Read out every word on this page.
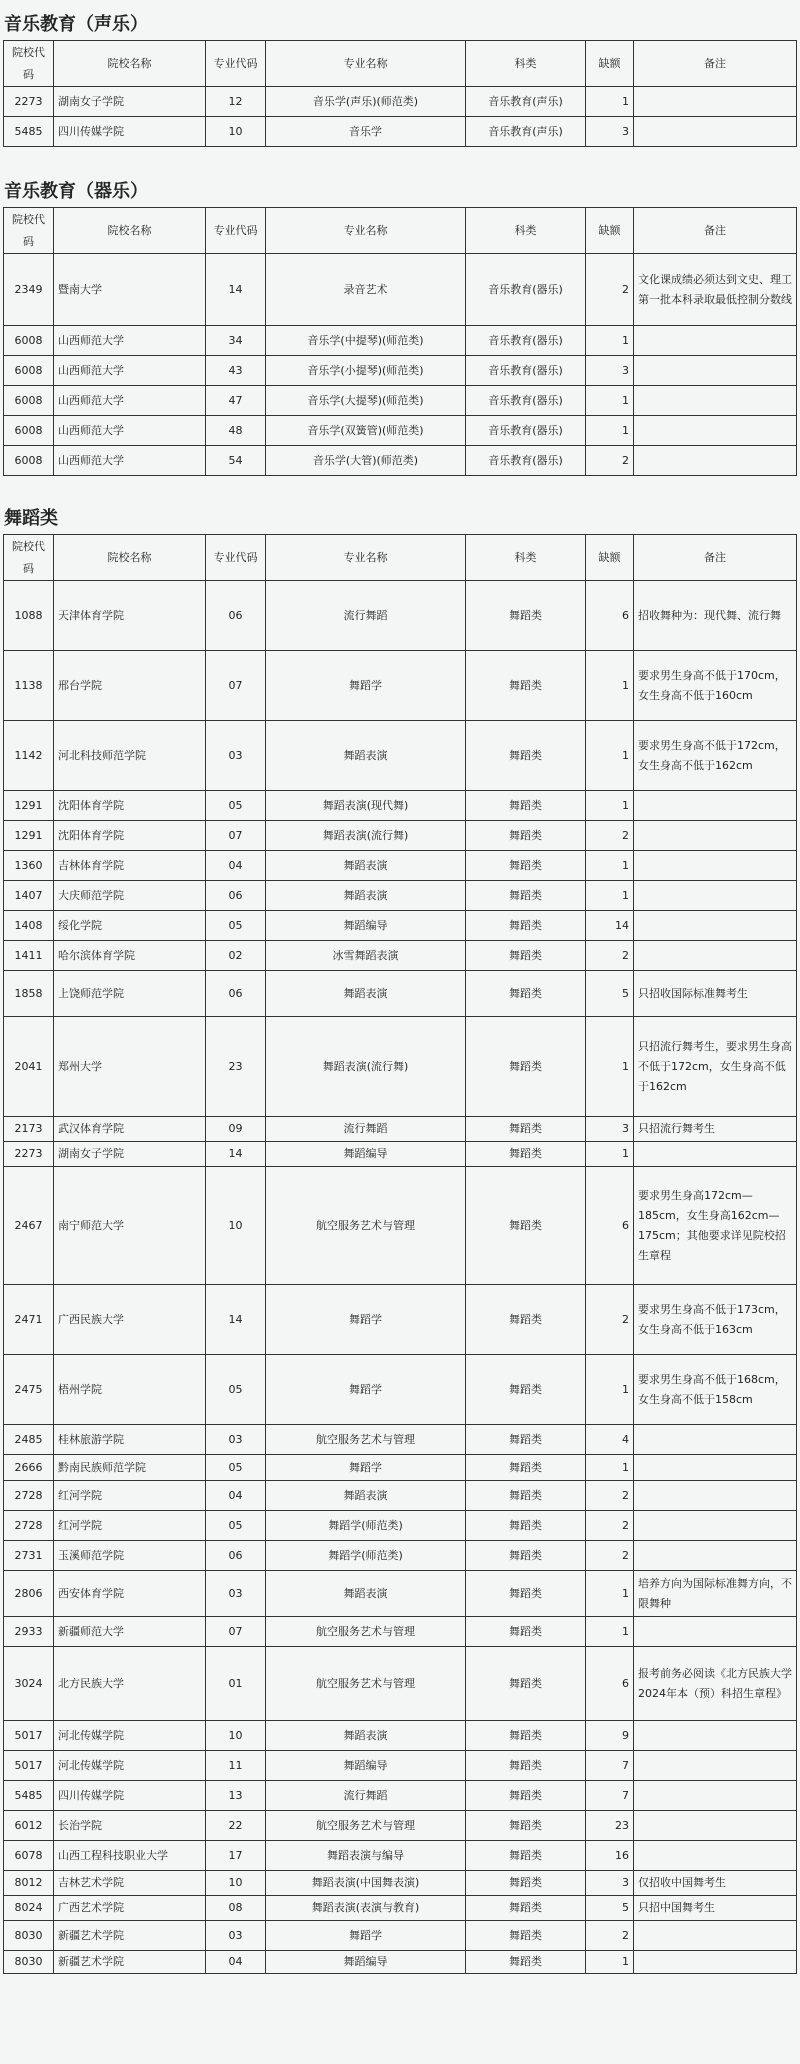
音乐教育（声乐）
院校代码	院校名称	专业代码	专业名称	科类	缺额	备注
2273	湖南女子学院	12	音乐学(声乐)(师范类)	音乐教育(声乐)	1	
5485	四川传媒学院	10	音乐学	音乐教育(声乐)	3	
音乐教育（器乐）
院校代码	院校名称	专业代码	专业名称	科类	缺额	备注
2349	暨南大学	14	录音艺术	音乐教育(器乐)	2	文化课成绩必须达到文史、理工第一批本科录取最低控制分数线
6008	山西师范大学	34	音乐学(中提琴)(师范类)	音乐教育(器乐)	1	
6008	山西师范大学	43	音乐学(小提琴)(师范类)	音乐教育(器乐)	3	
6008	山西师范大学	47	音乐学(大提琴)(师范类)	音乐教育(器乐)	1	
6008	山西师范大学	48	音乐学(双簧管)(师范类)	音乐教育(器乐)	1	
6008	山西师范大学	54	音乐学(大管)(师范类)	音乐教育(器乐)	2	
舞蹈类
院校代码	院校名称	专业代码	专业名称	科类	缺额	备注
1088	天津体育学院	06	流行舞蹈	舞蹈类	6	招收舞种为：现代舞、流行舞
1138	邢台学院	07	舞蹈学	舞蹈类	1	要求男生身高不低于170cm，女生身高不低于160cm
1142	河北科技师范学院	03	舞蹈表演	舞蹈类	1	要求男生身高不低于172cm，女生身高不低于162cm
1291	沈阳体育学院	05	舞蹈表演(现代舞)	舞蹈类	1	
1291	沈阳体育学院	07	舞蹈表演(流行舞)	舞蹈类	2	
1360	吉林体育学院	04	舞蹈表演	舞蹈类	1	
1407	大庆师范学院	06	舞蹈表演	舞蹈类	1	
1408	绥化学院	05	舞蹈编导	舞蹈类	14	
1411	哈尔滨体育学院	02	冰雪舞蹈表演	舞蹈类	2	
1858	上饶师范学院	06	舞蹈表演	舞蹈类	5	只招收国际标准舞考生
2041	郑州大学	23	舞蹈表演(流行舞)	舞蹈类	1	只招流行舞考生，要求男生身高不低于172cm，女生身高不低于162cm
2173	武汉体育学院	09	流行舞蹈	舞蹈类	3	只招流行舞考生
2273	湖南女子学院	14	舞蹈编导	舞蹈类	1	
2467	南宁师范大学	10	航空服务艺术与管理	舞蹈类	6	要求男生身高172cm—185cm，女生身高162cm—175cm；其他要求详见院校招生章程
2471	广西民族大学	14	舞蹈学	舞蹈类	2	要求男生身高不低于173cm，女生身高不低于163cm
2475	梧州学院	05	舞蹈学	舞蹈类	1	要求男生身高不低于168cm，女生身高不低于158cm
2485	桂林旅游学院	03	航空服务艺术与管理	舞蹈类	4	
2666	黔南民族师范学院	05	舞蹈学	舞蹈类	1	
2728	红河学院	04	舞蹈表演	舞蹈类	2	
2728	红河学院	05	舞蹈学(师范类)	舞蹈类	2	
2731	玉溪师范学院	06	舞蹈学(师范类)	舞蹈类	2	
2806	西安体育学院	03	舞蹈表演	舞蹈类	1	培养方向为国际标准舞方向，不限舞种
2933	新疆师范大学	07	航空服务艺术与管理	舞蹈类	1	
3024	北方民族大学	01	航空服务艺术与管理	舞蹈类	6	报考前务必阅读《北方民族大学2024年本（预）科招生章程》
5017	河北传媒学院	10	舞蹈表演	舞蹈类	9	
5017	河北传媒学院	11	舞蹈编导	舞蹈类	7	
5485	四川传媒学院	13	流行舞蹈	舞蹈类	7	
6012	长治学院	22	航空服务艺术与管理	舞蹈类	23	
6078	山西工程科技职业大学	17	舞蹈表演与编导	舞蹈类	16	
8012	吉林艺术学院	10	舞蹈表演(中国舞表演)	舞蹈类	3	仅招收中国舞考生
8024	广西艺术学院	08	舞蹈表演(表演与教育)	舞蹈类	5	只招中国舞考生
8030	新疆艺术学院	03	舞蹈学	舞蹈类	2	
8030	新疆艺术学院	04	舞蹈编导	舞蹈类	1	
